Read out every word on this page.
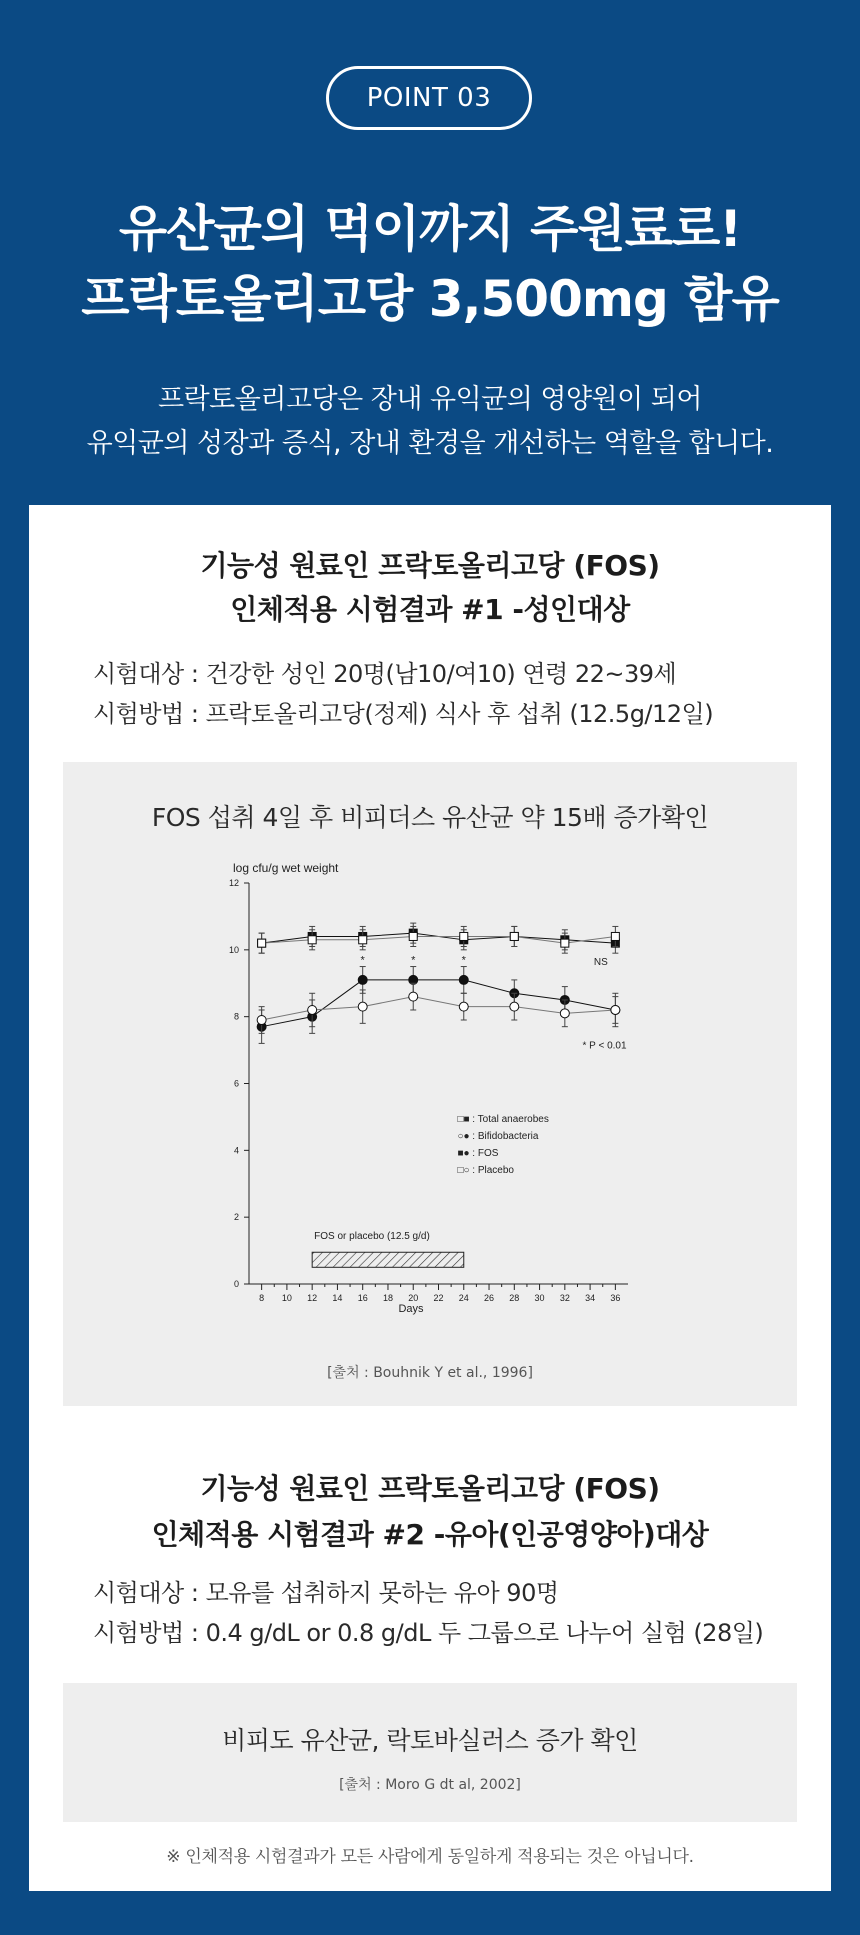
POINT 03
유산균의 먹이까지 주원료로!
프락토올리고당 3,500mg 함유
프락토올리고당은 장내 유익균의 영양원이 되어
유익균의 성장과 증식, 장내 환경을 개선하는 역할을 합니다.
기능성 원료인 프락토올리고당 (FOS)
인체적용 시험결과 #1 -성인대상
시험대상 : 건강한 성인 20명(남10/여10) 연령 22~39세
시험방법 : 프락토올리고당(정제) 식사 후 섭취 (12.5g/12일)
FOS 섭취 4일 후 비피더스 유산균 약 15배 증가확인
log cfu/g wet weight
Days
□■ : Total anaerobes
○● : Bifidobacteria
■● : FOS
□○ : Placebo
0
2
4
6
8
10
12
8 10 12 14 16 18 20 22 24 26 28 30 32 34 36
FOS or placebo (12.5 g/d)
*	*	*	NS
* P < 0.01
[출처 : Bouhnik Y et al., 1996]
기능성 원료인 프락토올리고당 (FOS)
인체적용 시험결과 #2 -유아(인공영양아)대상
시험대상 : 모유를 섭취하지 못하는 유아 90명
시험방법 : 0.4 g/dL or 0.8 g/dL 두 그룹으로 나누어 실험 (28일)
비피도 유산균, 락토바실러스 증가 확인
[출처 : Moro G dt al, 2002]
※ 인체적용 시험결과가 모든 사람에게 동일하게 적용되는 것은 아닙니다.
